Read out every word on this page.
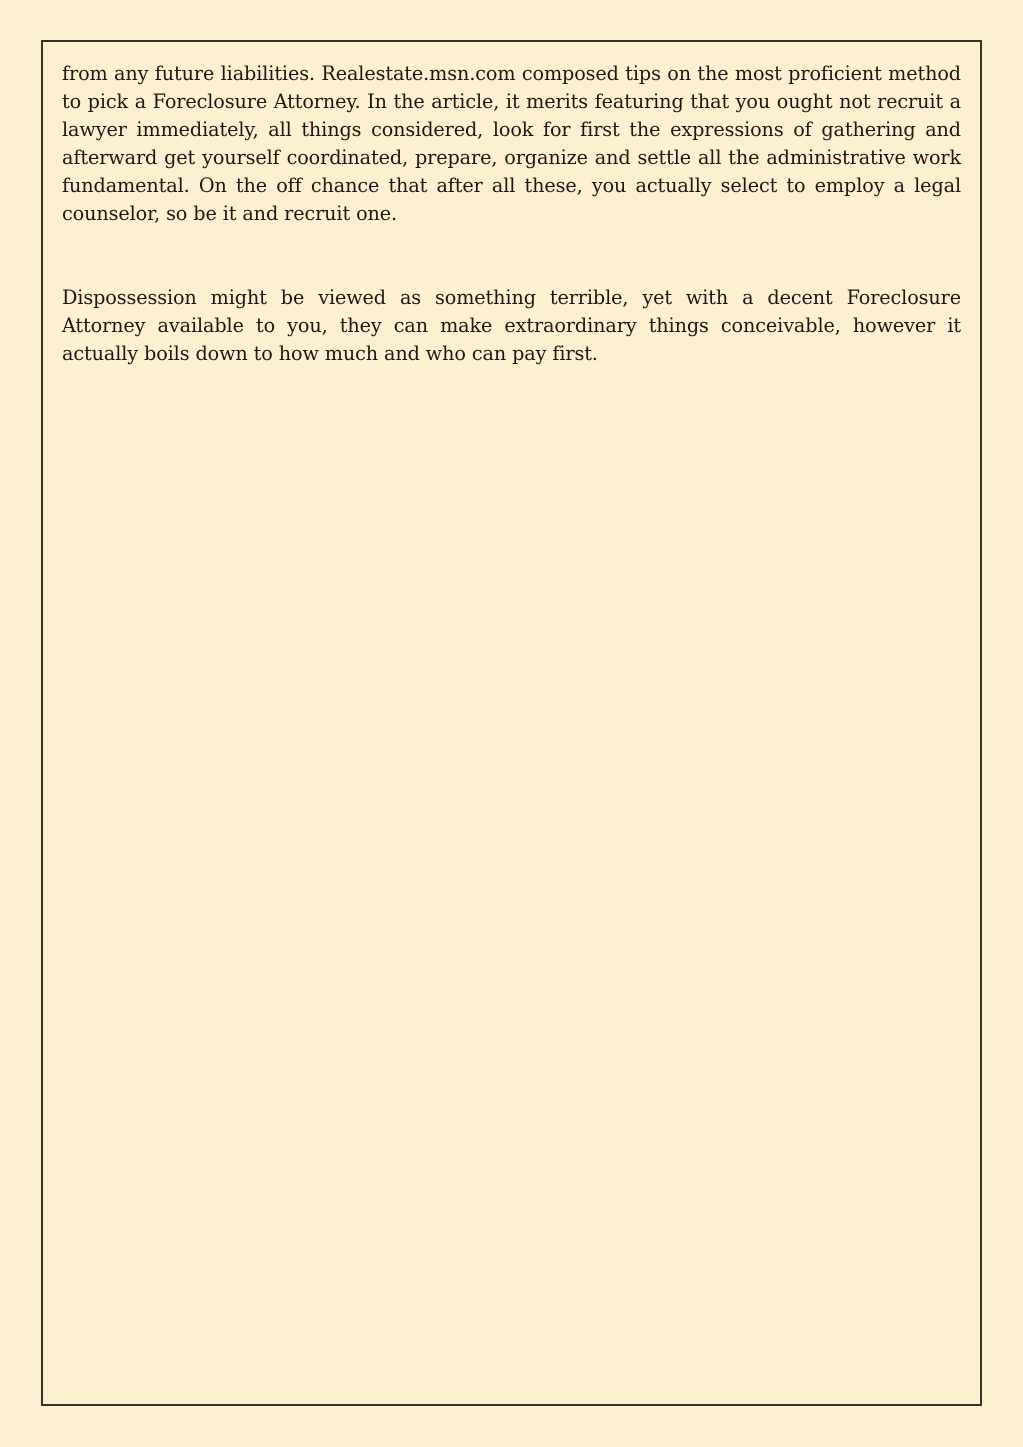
from any future liabilities. Realestate.msn.com composed tips on the most proficient method to pick a Foreclosure Attorney. In the article, it merits featuring that you ought not recruit a lawyer immediately, all things considered, look for first the expressions of gathering and afterward get yourself coordinated, prepare, organize and settle all the administrative work fundamental. On the off chance that after all these, you actually select to employ a legal counselor, so be it and recruit one.

Dispossession might be viewed as something terrible, yet with a decent Foreclosure Attorney available to you, they can make extraordinary things conceivable, however it actually boils down to how much and who can pay first.
